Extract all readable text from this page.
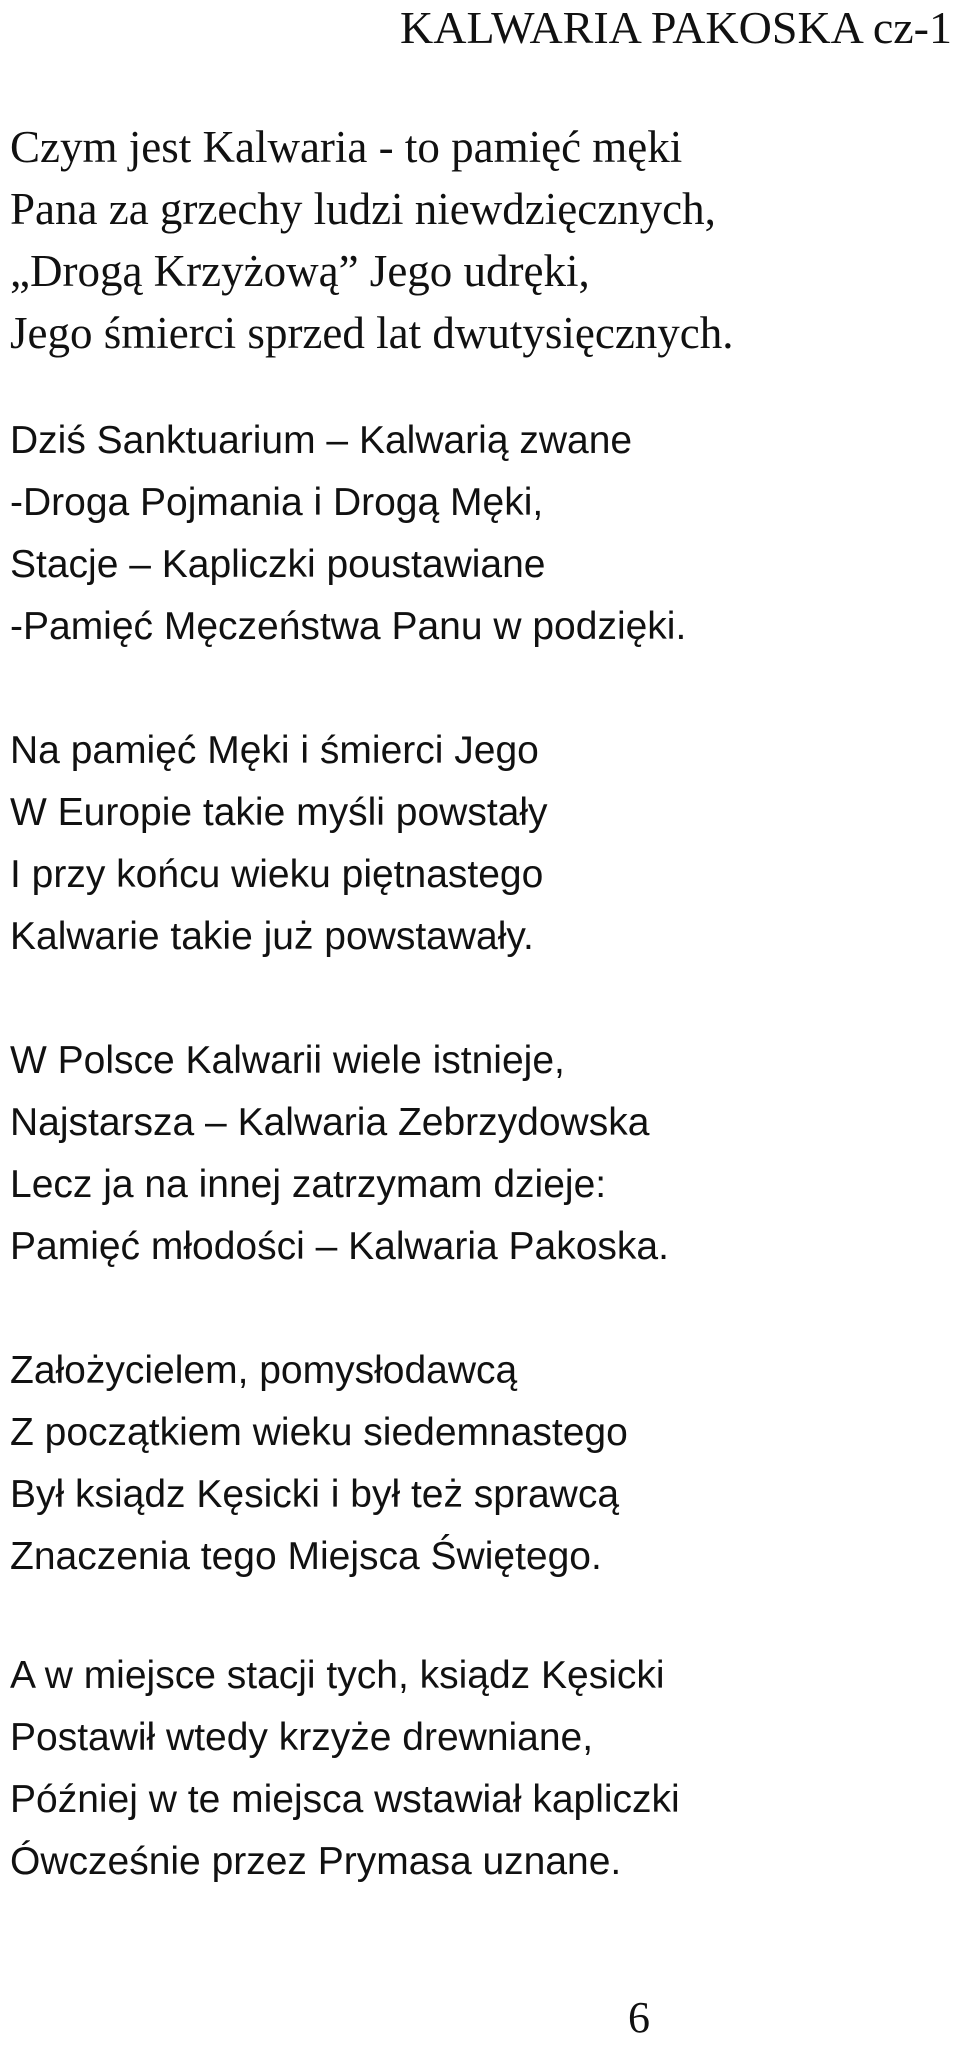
KALWARIA PAKOSKA cz-1
Czym jest Kalwaria - to pamięć męki
Pana za grzechy ludzi niewdzięcznych,
„Drogą Krzyżową” Jego udręki,
Jego śmierci sprzed lat dwutysięcznych.
Dziś Sanktuarium – Kalwarią zwane
-Droga Pojmania i Drogą Męki,
Stacje – Kapliczki poustawiane
-Pamięć Męczeństwa Panu w podzięki.
Na pamięć Męki i śmierci Jego
W Europie takie myśli powstały
I przy końcu wieku piętnastego
Kalwarie takie już powstawały.
W Polsce Kalwarii wiele istnieje,
Najstarsza – Kalwaria Zebrzydowska
Lecz ja na innej zatrzymam dzieje:
Pamięć młodości – Kalwaria Pakoska.
Założycielem, pomysłodawcą
Z początkiem wieku siedemnastego
Był ksiądz Kęsicki i był też sprawcą
Znaczenia tego Miejsca Świętego.
A w miejsce stacji tych, ksiądz Kęsicki
Postawił wtedy krzyże drewniane,
Później w te miejsca wstawiał kapliczki
Ówcześnie przez Prymasa uznane.
6
